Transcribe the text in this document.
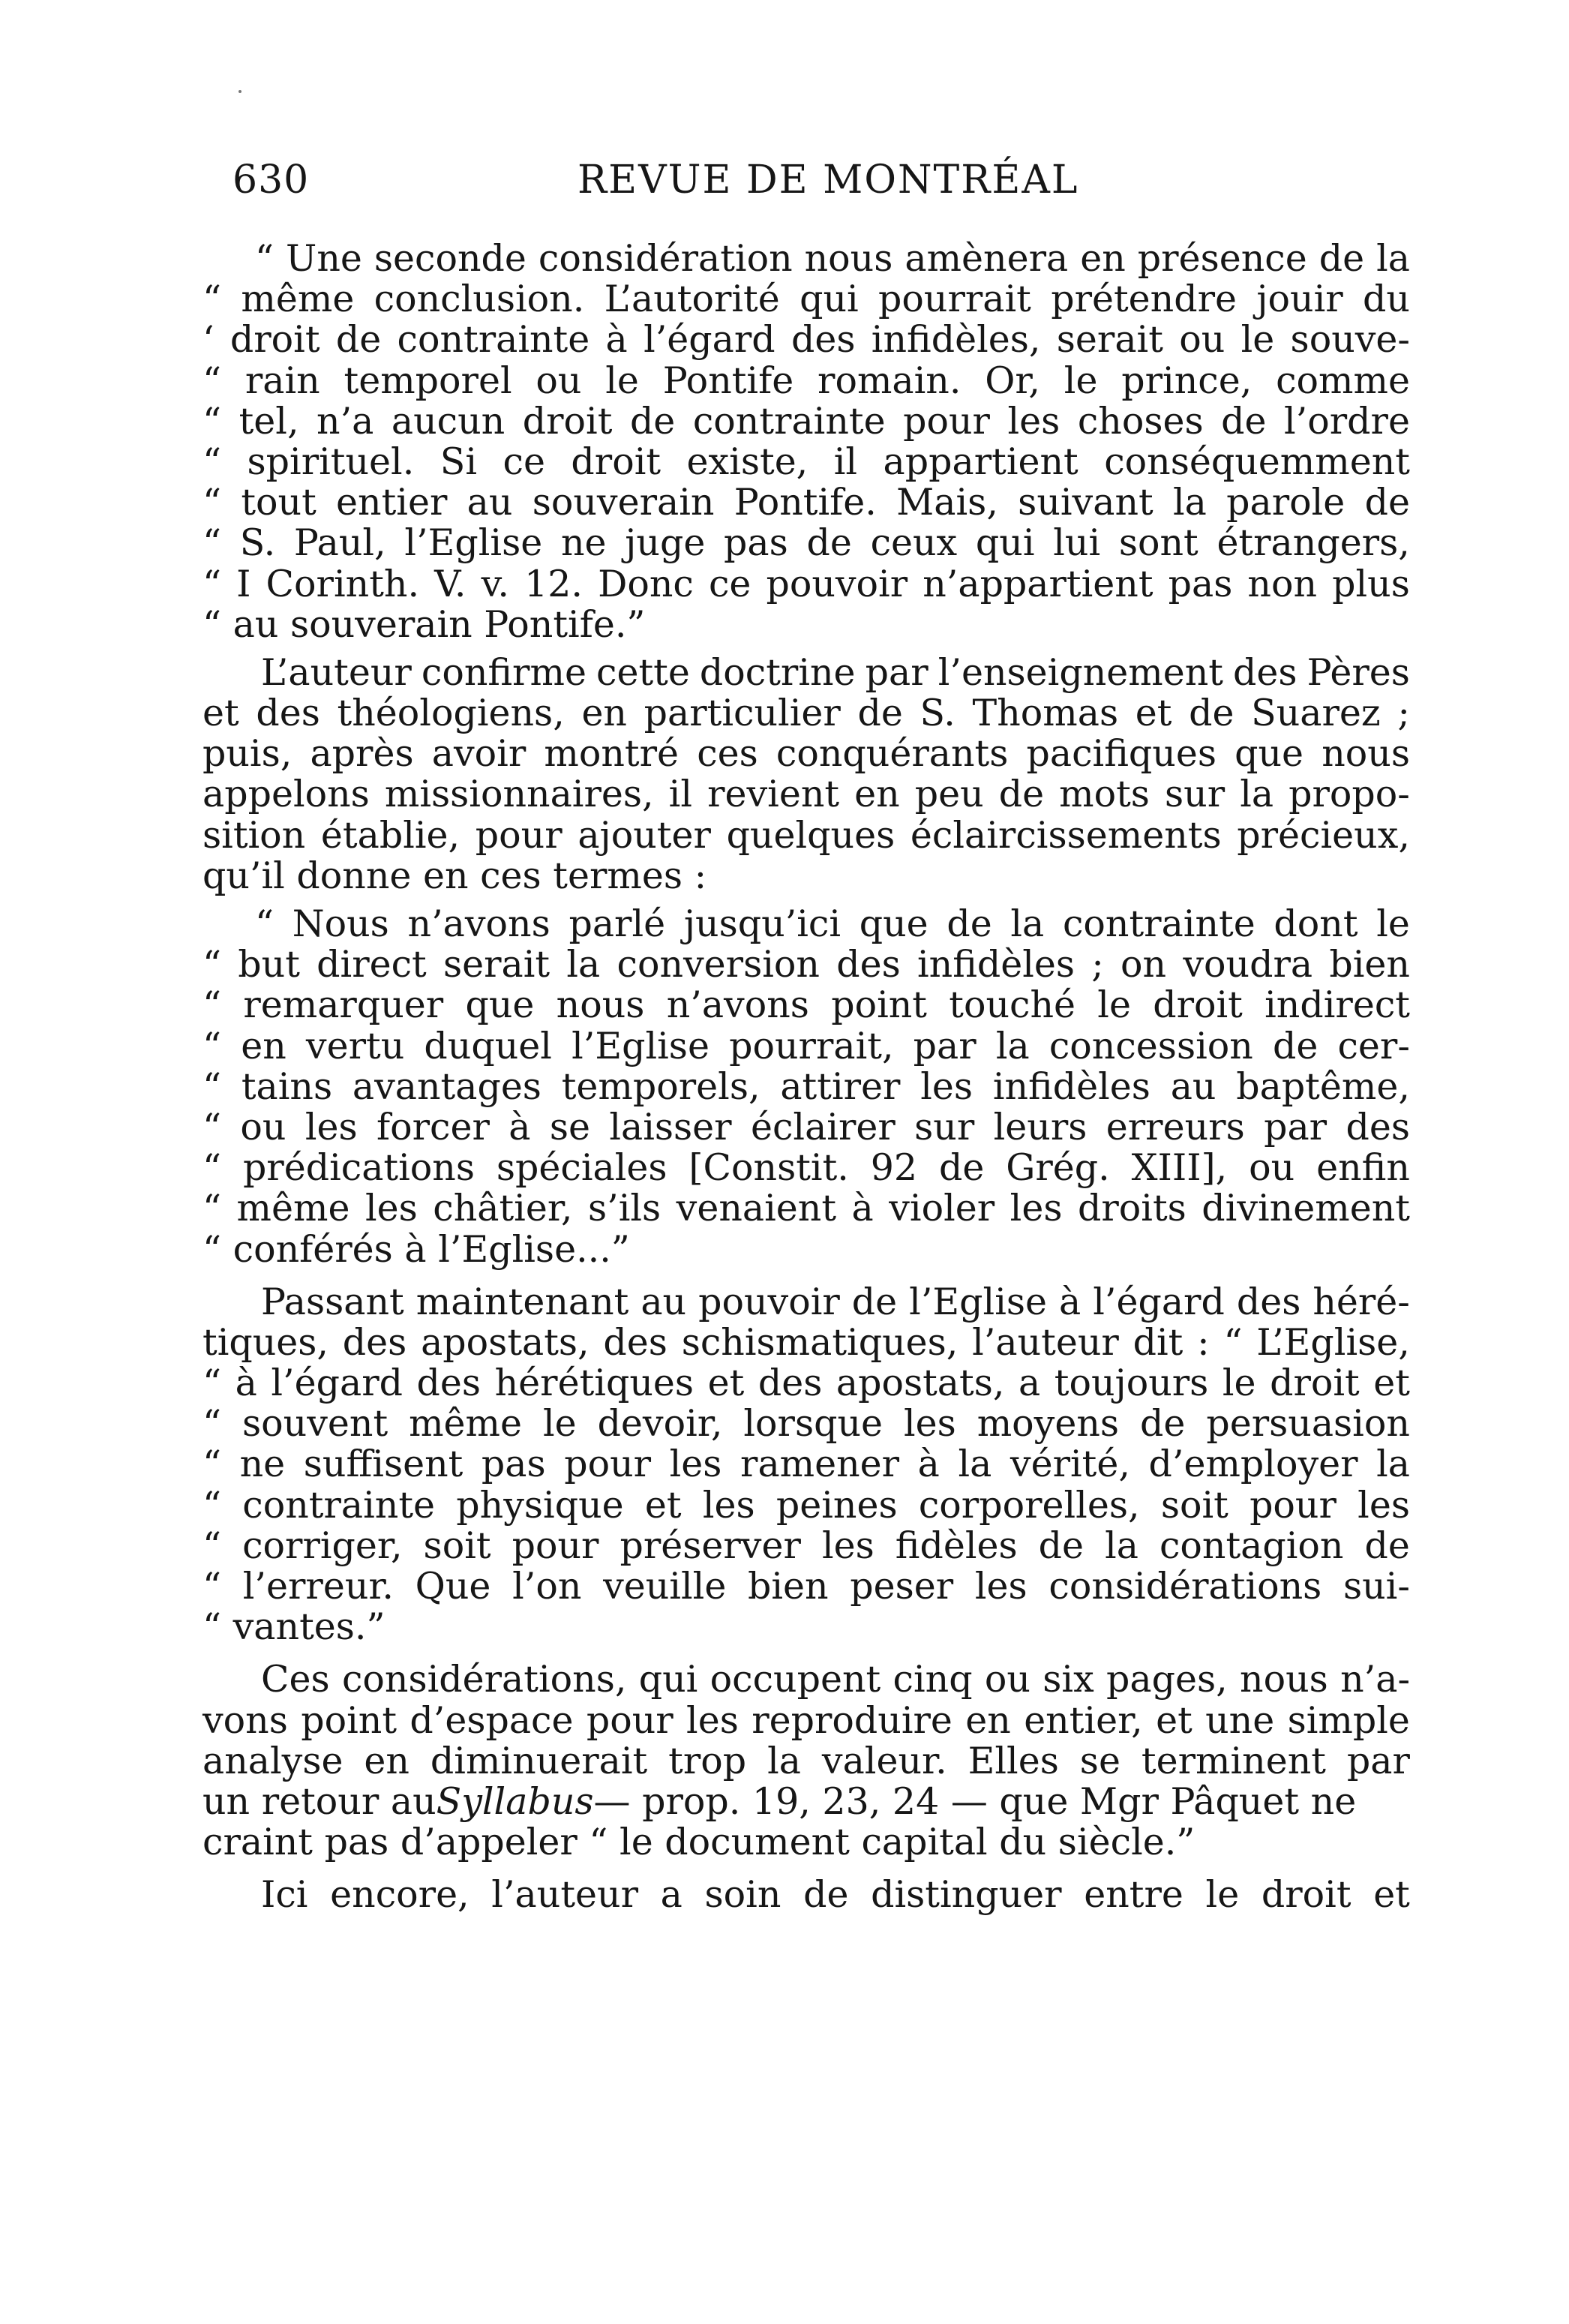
630	REVUE DE MONTRÉAL
“ Une seconde considération nous amènera en présence de la
“ même conclusion. L’autorité qui pourrait prétendre jouir du
‘ droit de contrainte à l’égard des infidèles, serait ou le souve-
“ rain temporel ou le Pontife romain. Or, le prince, comme
“ tel, n’a aucun droit de contrainte pour les choses de l’ordre
“ spirituel. Si ce droit existe, il appartient conséquemment
“ tout entier au souverain Pontife. Mais, suivant la parole de
“ S. Paul, l’Eglise ne juge pas de ceux qui lui sont étrangers,
“ I Corinth. V. v. 12. Donc ce pouvoir n’appartient pas non plus
“ au souverain Pontife.”
L’auteur confirme cette doctrine par l’enseignement des Pères
et des théologiens, en particulier de S. Thomas et de Suarez ;
puis, après avoir montré ces conquérants pacifiques que nous
appelons missionnaires, il revient en peu de mots sur la propo-
sition établie, pour ajouter quelques éclaircissements précieux,
qu’il donne en ces termes :
“ Nous n’avons parlé jusqu’ici que de la contrainte dont le
“ but direct serait la conversion des infidèles ; on voudra bien
“ remarquer que nous n’avons point touché le droit indirect
“ en vertu duquel l’Eglise pourrait, par la concession de cer-
“ tains avantages temporels, attirer les infidèles au baptême,
“ ou les forcer à se laisser éclairer sur leurs erreurs par des
“ prédications spéciales [Constit. 92 de Grég. XIII], ou enfin
“ même les châtier, s’ils venaient à violer les droits divinement
“ conférés à l’Eglise...”
Passant maintenant au pouvoir de l’Eglise à l’égard des héré-
tiques, des apostats, des schismatiques, l’auteur dit : “ L’Eglise,
“ à l’égard des hérétiques et des apostats, a toujours le droit et
“ souvent même le devoir, lorsque les moyens de persuasion
“ ne suffisent pas pour les ramener à la vérité, d’employer la
“ contrainte physique et les peines corporelles, soit pour les
“ corriger, soit pour préserver les fidèles de la contagion de
“ l’erreur. Que l’on veuille bien peser les considérations sui-
“ vantes.”
Ces considérations, qui occupent cinq ou six pages, nous n’a-
vons point d’espace pour les reproduire en entier, et une simple
analyse en diminuerait trop la valeur. Elles se terminent par
un retour au Syllabus — prop. 19, 23, 24 — que Mgr Pâquet ne
craint pas d’appeler “ le document capital du siècle.”
Ici encore, l’auteur a soin de distinguer entre le droit et
